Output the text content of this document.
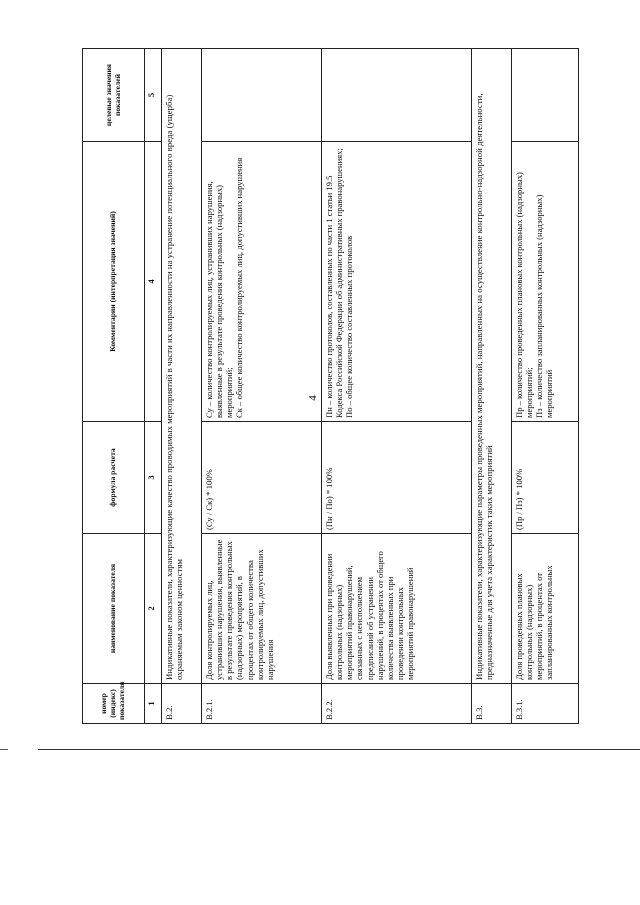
4
номер (индекс) показателя	наименование показателя	формула расчета	Комментарии (интерпретация значений)	целевые значения показателей
1	2	3	4	5
В.2.	Индикативные показатели, характеризующие качество проводимых мероприятий в части их направленности на устранение потенциального вреда (ущерба) охраняемым законом ценностям			
В.2.1.	Доля контролируемых лиц, устранивших нарушения, выявленные в результате проведения контрольных (надзорных) мероприятий, в процентах от общего количества контролируемых лиц, допустивших нарушения	(Су / Ск) * 100%	Су – количество контролируемых лиц, устранивших нарушения, выявленные в результате проведения контрольных (надзорных) мероприятий; Ск – общее количество контролируемых лиц, допустивших нарушения	

В.2.2.	Доля выявленных при проведении контрольных (надзорных) мероприятий правонарушений, связанных с неисполнением предписаний об устранении нарушений, в процентах от общего количества выявленных при проведении контрольных мероприятий правонарушений	(Пн / По) * 100%	Пн – количество протоколов, составленных по части 1 статьи 19.5 Кодекса Российской Федерации об административных правонарушениях; По – общее количество составленных протоколов	

В.3.	Индикативные показатели, характеризующие параметры проведенных мероприятий, направленных на осуществление контрольно-надзорной деятельности, предназначенные для учета характеристик таких мероприятий			
В.3.1.	Доля проведенных плановых контрольных (надзорных) мероприятий, в процентах от запланированных контрольных	(Пр / Пз) * 100%	Пр – количество проведенных плановых контрольных (надзорных) мероприятий; Пз – количество запланированных контрольных (надзорных) мероприятий	
